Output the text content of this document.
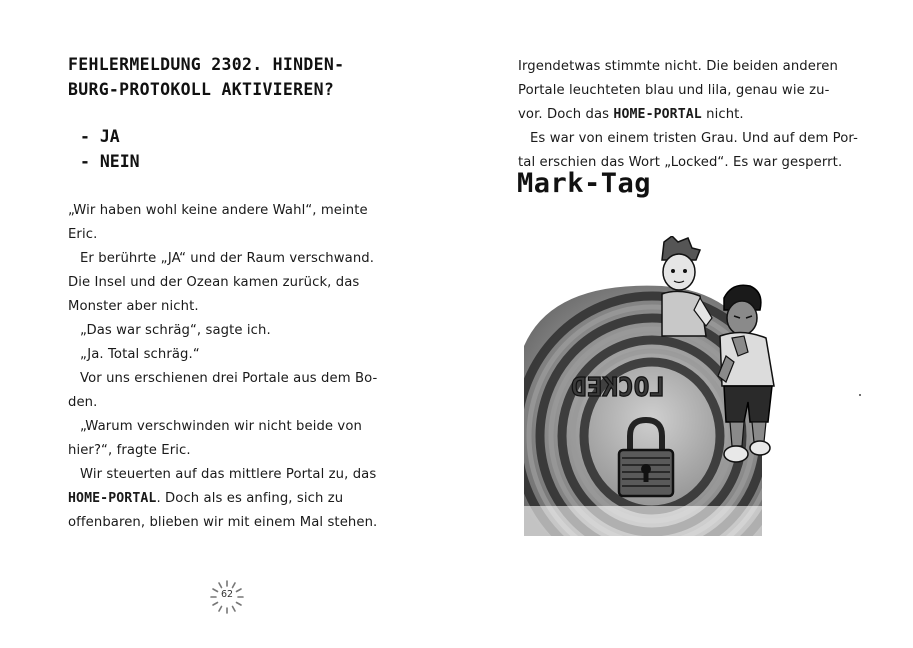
FEHLERMELDUNG 2302. HINDEN-
BURG-PROTOKOLL AKTIVIEREN?
- JA
- NEIN
„Wir haben wohl keine andere Wahl“, meinte
Eric.
Er berührte „JA“ und der Raum verschwand.
Die Insel und der Ozean kamen zurück, das
Monster aber nicht.
„Das war schräg“, sagte ich.
„Ja. Total schräg.“
Vor uns erschienen drei Portale aus dem Bo-
den.
„Warum verschwinden wir nicht beide von
hier?“, fragte Eric.
Wir steuerten auf das mittlere Portal zu, das
HOME-PORTAL. Doch als es anfing, sich zu
offenbaren, blieben wir mit einem Mal stehen.
62
Irgendetwas stimmte nicht. Die beiden anderen
Portale leuchteten blau und lila, genau wie zu-
vor. Doch das HOME-PORTAL nicht.
Es war von einem tristen Grau. Und auf dem Por-
tal erschien das Wort „Locked“. Es war gesperrt.
Mark-Tag
LOCKED
